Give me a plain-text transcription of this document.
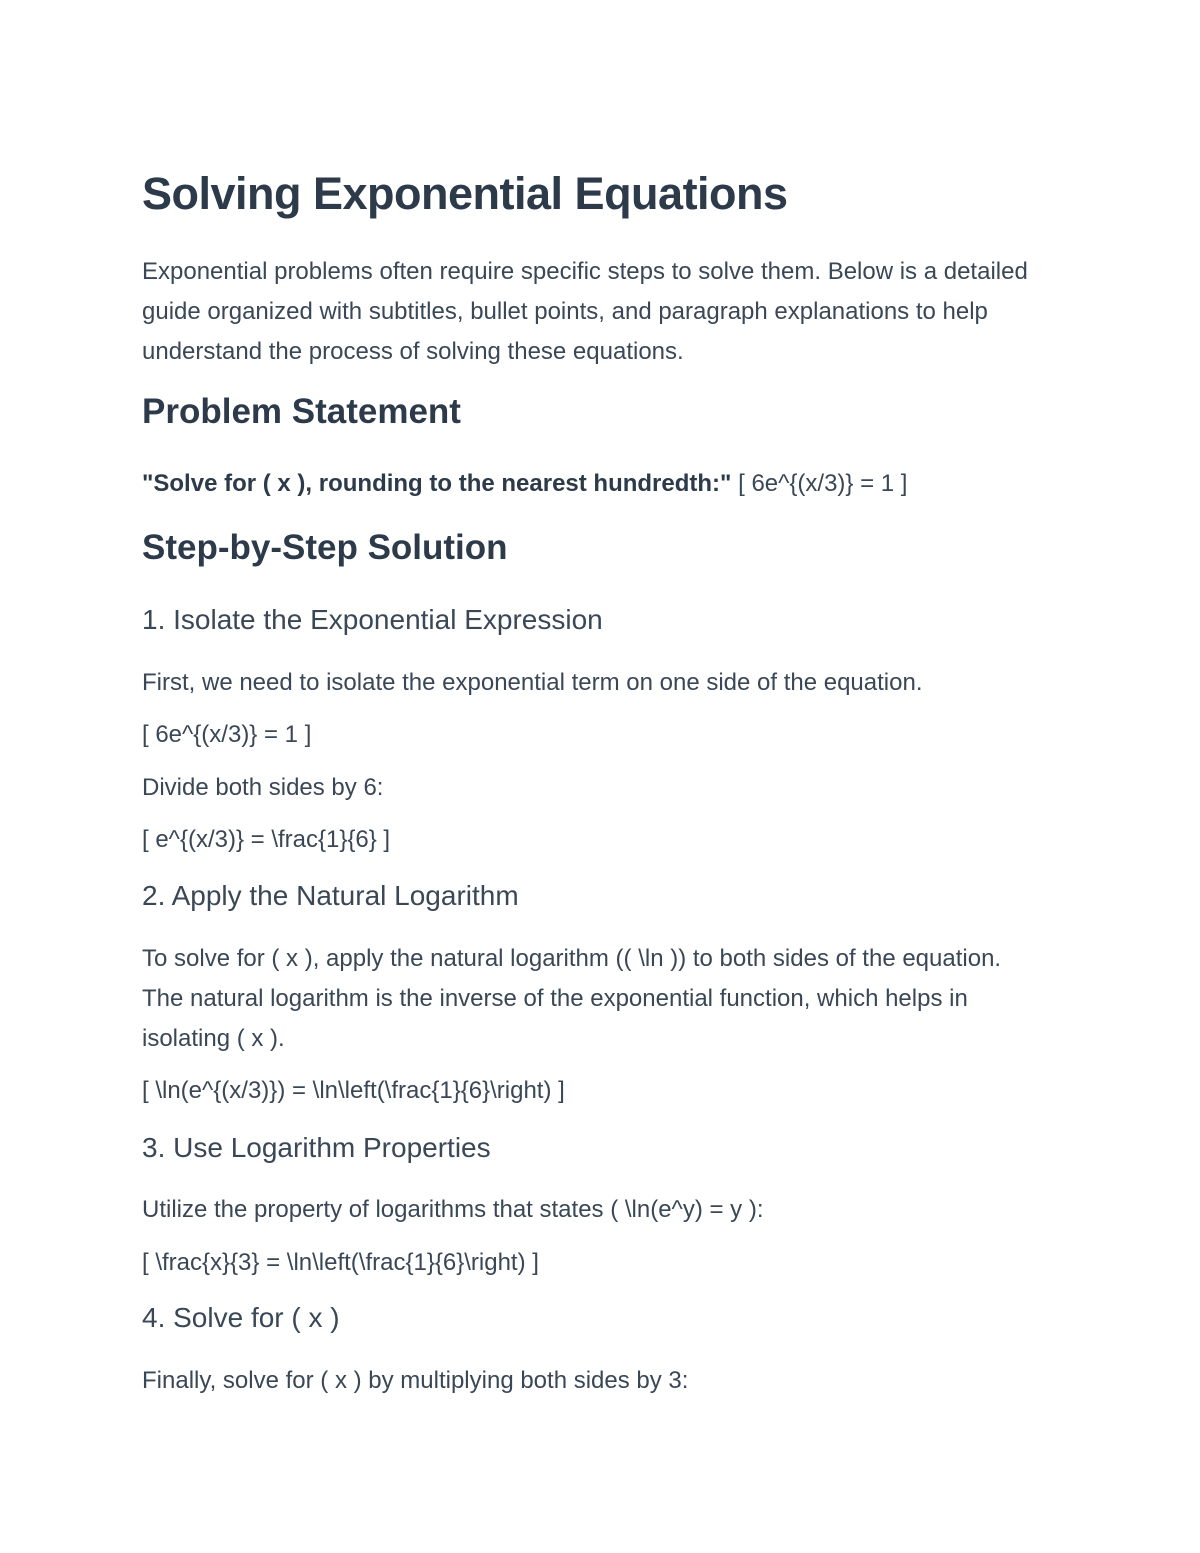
Solving Exponential Equations

Exponential problems often require specific steps to solve them. Below is a detailed guide organized with subtitles, bullet points, and paragraph explanations to help understand the process of solving these equations.

Problem Statement

"Solve for ( x ), rounding to the nearest hundredth:" [ 6e^{(x/3)} = 1 ]

Step-by-Step Solution
1. Isolate the Exponential Expression

First, we need to isolate the exponential term on one side of the equation.

[ 6e^{(x/3)} = 1 ]

Divide both sides by 6:

[ e^{(x/3)} = \frac{1}{6} ]

2. Apply the Natural Logarithm

To solve for ( x ), apply the natural logarithm (( \ln )) to both sides of the equation. The natural logarithm is the inverse of the exponential function, which helps in isolating ( x ).

[ \ln(e^{(x/3)}) = \ln\left(\frac{1}{6}\right) ]

3. Use Logarithm Properties

Utilize the property of logarithms that states ( \ln(e^y) = y ):

[ \frac{x}{3} = \ln\left(\frac{1}{6}\right) ]

4. Solve for ( x )

Finally, solve for ( x ) by multiplying both sides by 3:
